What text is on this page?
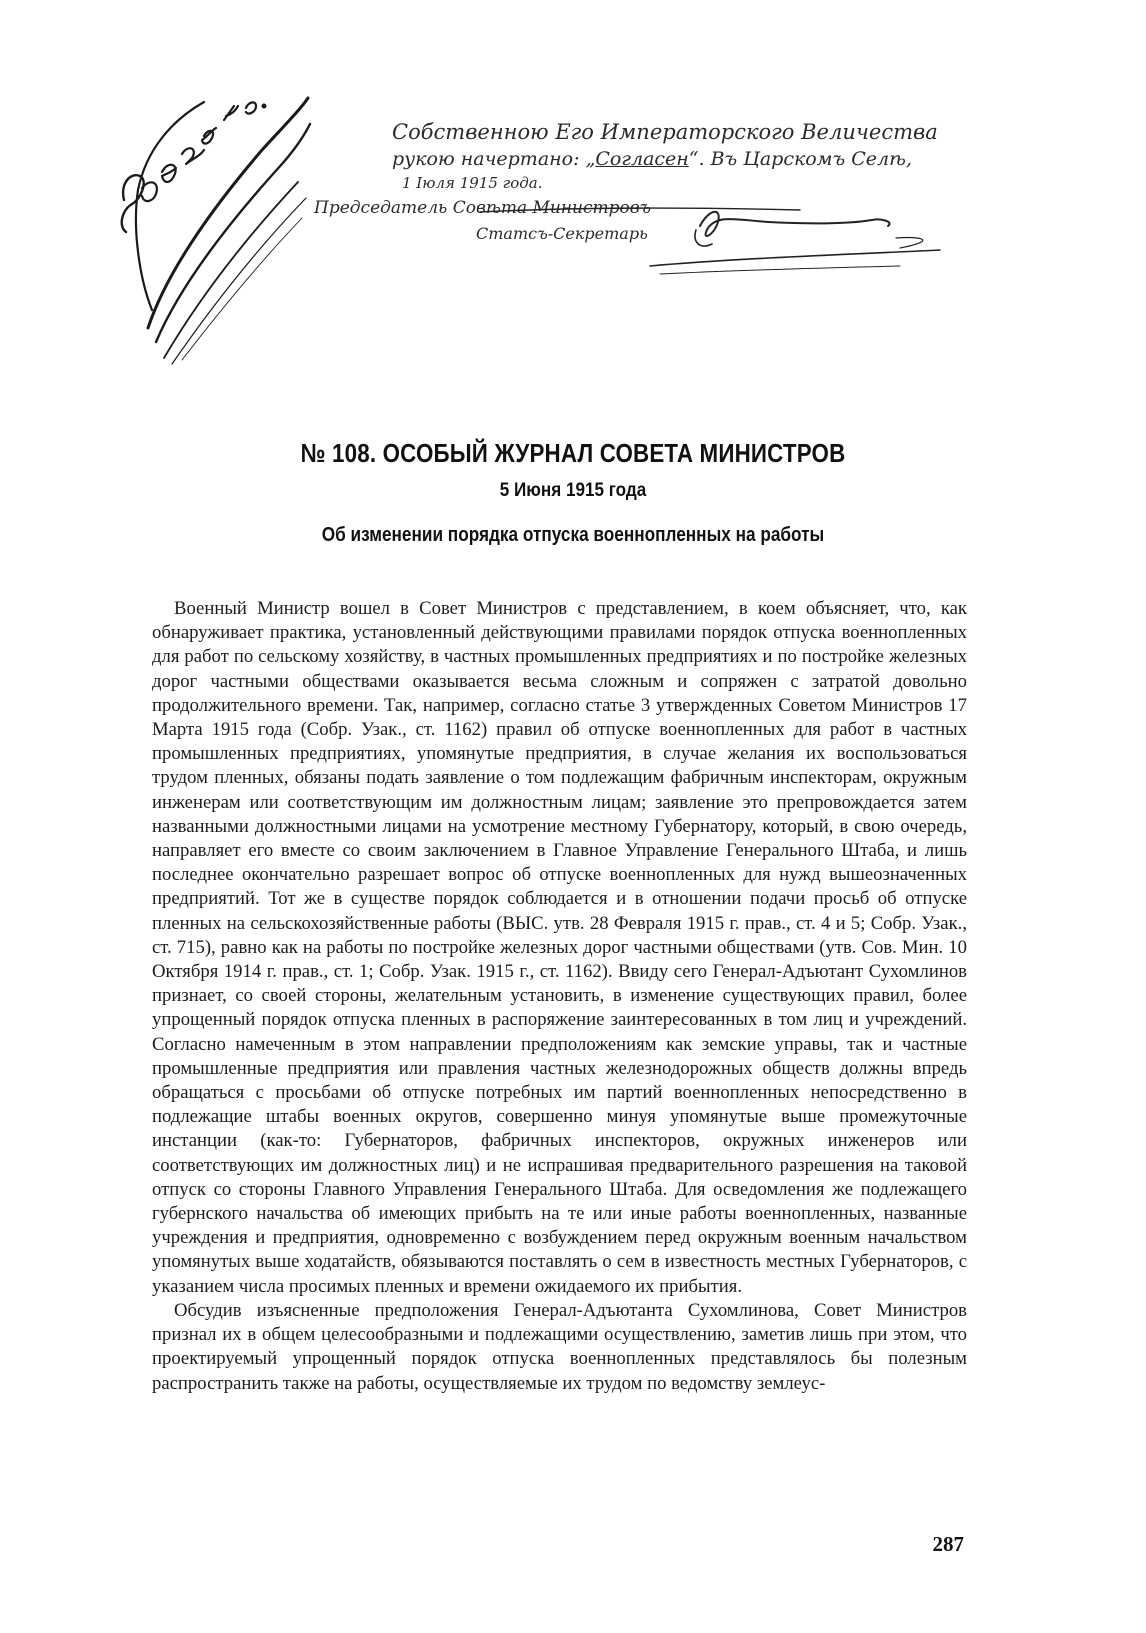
Собственною Его Императорского Величества
рукою начертано: „Согласен“. Въ Царскомъ Селѣ,
1 Іюля 1915 года.
Председатель Совѣта Министровъ
Статсъ-Секретарь
№ 108. ОСОБЫЙ ЖУРНАЛ СОВЕТА МИНИСТРОВ
5 Июня 1915 года
Об изменении порядка отпуска военнопленных на работы

Военный Министр вошел в Совет Министров с представлением, в коем объясняет, что, как обнаруживает практика, установленный действующими правилами порядок отпуска военнопленных для работ по сельскому хозяйству, в частных промышленных предприятиях и по постройке железных дорог частными обществами оказывается весьма сложным и сопряжен с затратой довольно продолжительного времени. Так, например, согласно статье 3 утвержденных Советом Министров 17 Марта 1915 года (Собр. Узак., ст. 1162) правил об отпуске военнопленных для работ в частных промышленных предприятиях, упомянутые предприятия, в случае желания их воспользоваться трудом пленных, обязаны подать заявление о том подлежащим фабричным инспекторам, окружным инженерам или соответствующим им должностным лицам; заявление это препровождается затем названными должностными лицами на усмотрение местному Губернатору, который, в свою очередь, направляет его вместе со своим заключением в Главное Управление Генерального Штаба, и лишь последнее окончательно разрешает вопрос об отпуске военнопленных для нужд вышеозначенных предприятий. Тот же в существе порядок соблюдается и в отношении подачи просьб об отпуске пленных на сельскохозяйственные работы (ВЫС. утв. 28 Февраля 1915 г. прав., ст. 4 и 5; Собр. Узак., ст. 715), равно как на работы по постройке железных дорог частными обществами (утв. Сов. Мин. 10 Октября 1914 г. прав., ст. 1; Собр. Узак. 1915 г., ст. 1162). Ввиду сего Генерал-Адъютант Сухомлинов признает, со своей стороны, желательным установить, в изменение существующих правил, более упрощенный порядок отпуска пленных в распоряжение заинтересованных в том лиц и учреждений. Согласно намеченным в этом направлении предположениям как земские управы, так и частные промышленные предприятия или правления частных железнодорожных обществ должны впредь обращаться с просьбами об отпуске потребных им партий военнопленных непосредственно в подлежащие штабы военных округов, совершенно минуя упомянутые выше промежуточные инстанции (как-то: Губернаторов, фабричных инспекторов, окружных инженеров или соответствующих им должностных лиц) и не испрашивая предварительного разрешения на таковой отпуск со стороны Главного Управления Генерального Штаба. Для осведомления же подлежащего губернского начальства об имеющих прибыть на те или иные работы военнопленных, названные учреждения и предприятия, одновременно с возбуждением перед окружным военным начальством упомянутых выше ходатайств, обязываются поставлять о сем в известность местных Губернаторов, с указанием числа просимых пленных и времени ожидаемого их прибытия.

Обсудив изъясненные предположения Генерал-Адъютанта Сухомлинова, Совет Министров признал их в общем целесообразными и подлежащими осуществлению, заметив лишь при этом, что проектируемый упрощенный порядок отпуска военнопленных представлялось бы полезным распространить также на работы, осуществляемые их трудом по ведомству землеус-

287
